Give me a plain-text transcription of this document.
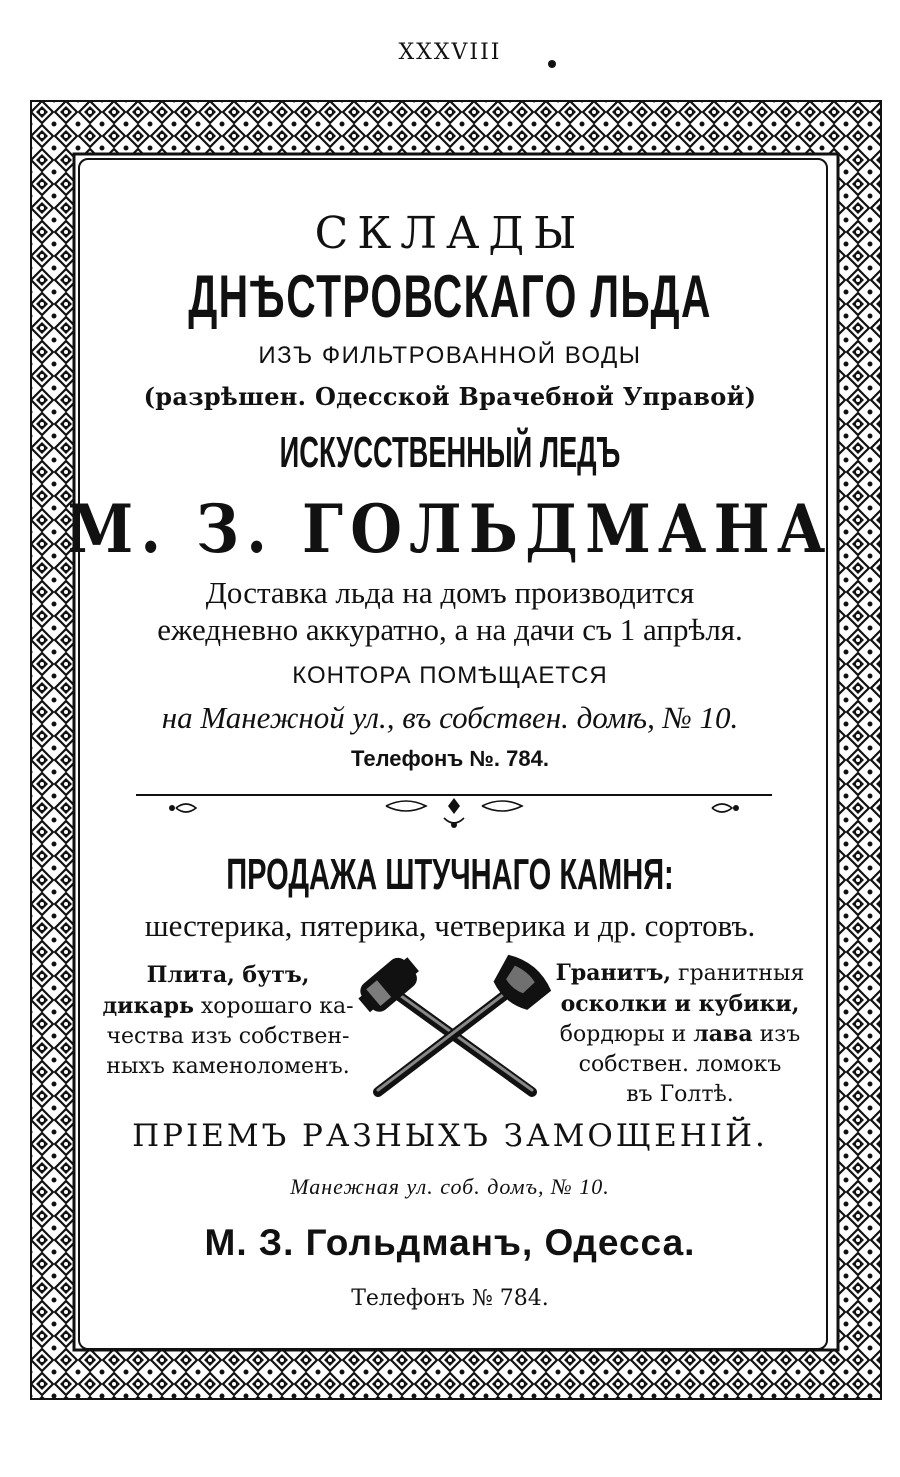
XXXVIII
СКЛАДЫ
ДНѢСТРОВСКАГО ЛЬДА
ИЗЪ ФИЛЬТРОВАННОЙ ВОДЫ
(разрѣшен. Одесской Врачебной Управой)
ИСКУССТВЕННЫЙ ЛЕДЪ
М. З. ГОЛЬДМАНА
Доставка льда на домъ производится
ежедневно аккуратно, а на дачи съ 1 апрѣля.
КОНТОРА ПОМѢЩАЕТСЯ
на Манежной ул., въ собствен. домѣ, № 10.
Телефонъ №. 784.
ПРОДАЖА ШТУЧНАГО КАМНЯ:
шестерика, пятерика, четверика и др. сортовъ.
Плита, бутъ,
дикарь хорошаго ка-
чества изъ собствен-
ныхъ каменоломенъ.
Гранитъ, гранитныя
осколки и кубики,
бордюры и лава изъ
собствен. ломокъ
въ Голтѣ.
ПРІЕМЪ РАЗНЫХЪ ЗАМОЩЕНІЙ.
Манежная ул. соб. домъ, № 10.
М. З. Гольдманъ, Одесса.
Телефонъ № 784.
